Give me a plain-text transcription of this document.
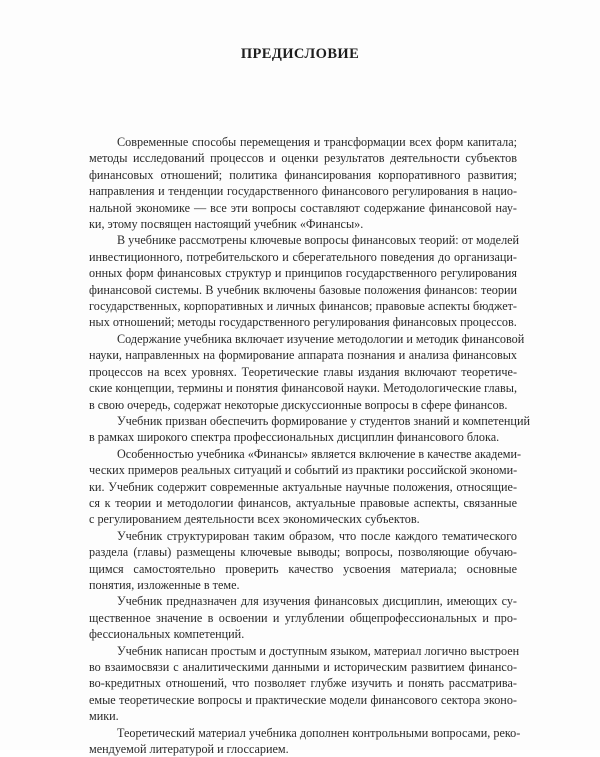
ПРЕДИСЛОВИЕ

Современные способы перемещения и трансформации всех форм капитала;
методы исследований процессов и оценки результатов деятельности субъектов
финансовых отношений; политика финансирования корпоративного развития;
направления и тенденции государственного финансового регулирования в нацио-
нальной экономике — все эти вопросы составляют содержание финансовой нау-
ки, этому посвящен настоящий учебник «Финансы».

В учебнике рассмотрены ключевые вопросы финансовых теорий: от моделей
инвестиционного, потребительского и сберегательного поведения до организаци-
онных форм финансовых структур и принципов государственного регулирования
финансовой системы. В учебник включены базовые положения финансов: теории
государственных, корпоративных и личных финансов; правовые аспекты бюджет-
ных отношений; методы государственного регулирования финансовых процессов.

Содержание учебника включает изучение методологии и методик финансовой
науки, направленных на формирование аппарата познания и анализа финансовых
процессов на всех уровнях. Теоретические главы издания включают теоретиче-
ские концепции, термины и понятия финансовой науки. Методологические главы,
в свою очередь, содержат некоторые дискуссионные вопросы в сфере финансов.

Учебник призван обеспечить формирование у студентов знаний и компетенций
в рамках широкого спектра профессиональных дисциплин финансового блока.

Особенностью учебника «Финансы» является включение в качестве академи-
ческих примеров реальных ситуаций и событий из практики российской экономи-
ки. Учебник содержит современные актуальные научные положения, относящие-
ся к теории и методологии финансов, актуальные правовые аспекты, связанные
с регулированием деятельности всех экономических субъектов.

Учебник структурирован таким образом, что после каждого тематического
раздела (главы) размещены ключевые выводы; вопросы, позволяющие обучаю-
щимся самостоятельно проверить качество усвоения материала; основные
понятия, изложенные в теме.

Учебник предназначен для изучения финансовых дисциплин, имеющих су-
щественное значение в освоении и углублении общепрофессиональных и про-
фессиональных компетенций.

Учебник написан простым и доступным языком, материал логично выстроен
во взаимосвязи с аналитическими данными и историческим развитием финансо-
во-кредитных отношений, что позволяет глубже изучить и понять рассматрива-
емые теоретические вопросы и практические модели финансового сектора эконо-
мики.

Теоретический материал учебника дополнен контрольными вопросами, реко-
мендуемой литературой и глоссарием.
